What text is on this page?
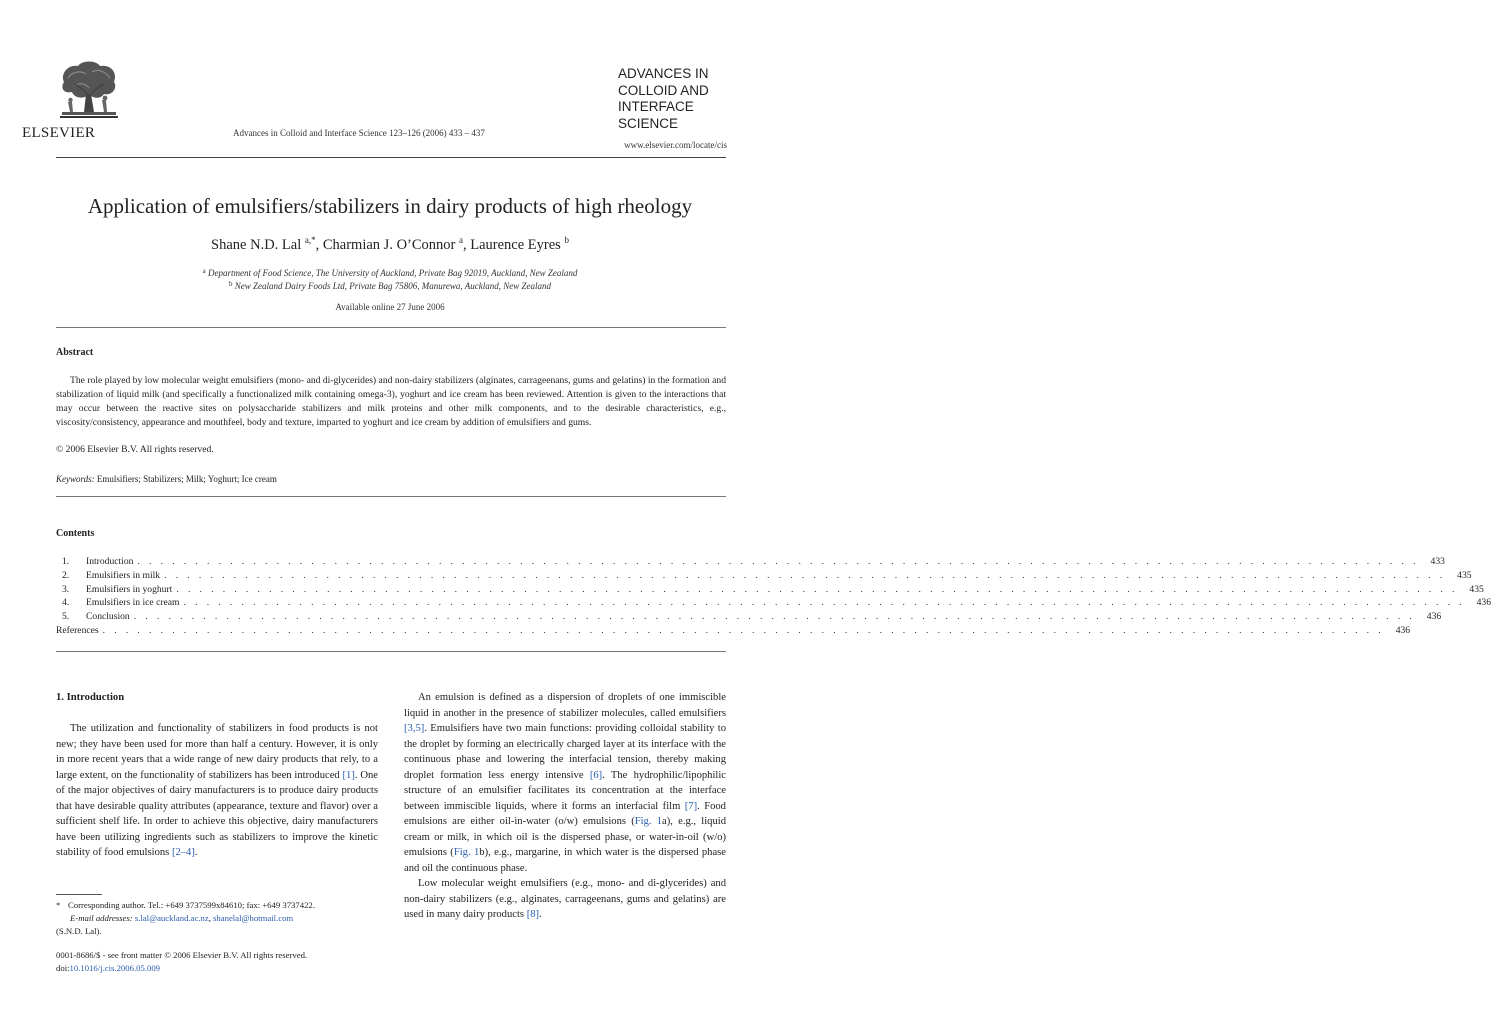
ELSEVIER	Advances in Colloid and Interface Science 123–126 (2006) 433 – 437
ADVANCES IN
COLLOID AND
INTERFACE
SCIENCE
www.elsevier.com/locate/cis
Application of emulsifiers/stabilizers in dairy products of high rheology
Shane N.D. Lal $^{a,*}$, Charmian J. O’Connor $^a$, Laurence Eyres $^b$
$^a$ Department of Food Science, The University of Auckland, Private Bag 92019, Auckland, New Zealand
$^b$ New Zealand Dairy Foods Ltd, Private Bag 75806, Manurewa, Auckland, New Zealand
Available online 27 June 2006
Abstract
The role played by low molecular weight emulsifiers (mono- and di-glycerides) and non-dairy stabilizers (alginates, carrageenans, gums and gelatins) in the formation and stabilization of liquid milk (and specifically a functionalized milk containing omega-3), yoghurt and ice cream has been reviewed. Attention is given to the interactions that may occur between the reactive sites on polysaccharide stabilizers and milk proteins and other milk components, and to the desirable characteristics, e.g., viscosity/consistency, appearance and mouthfeel, body and texture, imparted to yoghurt and ice cream by addition of emulsifiers and gums.
© 2006 Elsevier B.V. All rights reserved.
Keywords: Emulsifiers; Stabilizers; Milk; Yoghurt; Ice cream
Contents
1.	Introduction . . . . . . . . . . . . . . . . . . . . . . . . . . . . . . . . . . . . . . . . . . . . . . . . . . . . . . . . . . . . . . . . . . . . . . . . . . . . . . . . . . . . . . . . . . . . . . . . . . . . . . . . . . . . . . .	433
2.	Emulsifiers in milk . . . . . . . . . . . . . . . . . . . . . . . . . . . . . . . . . . . . . . . . . . . . . . . . . . . . . . . . . . . . . . . . . . . . . . . . . . . . . . . . . . . . . . . . . . . . . . . . . . . . . . . . . . . . . . .	435
3.	Emulsifiers in yoghurt . . . . . . . . . . . . . . . . . . . . . . . . . . . . . . . . . . . . . . . . . . . . . . . . . . . . . . . . . . . . . . . . . . . . . . . . . . . . . . . . . . . . . . . . . . . . . . . . . . . . . . . . . . . . . . .	435
4.	Emulsifiers in ice cream . . . . . . . . . . . . . . . . . . . . . . . . . . . . . . . . . . . . . . . . . . . . . . . . . . . . . . . . . . . . . . . . . . . . . . . . . . . . . . . . . . . . . . . . . . . . . . . . . . . . . . . . . . . . . . .	436
5.	Conclusion . . . . . . . . . . . . . . . . . . . . . . . . . . . . . . . . . . . . . . . . . . . . . . . . . . . . . . . . . . . . . . . . . . . . . . . . . . . . . . . . . . . . . . . . . . . . . . . . . . . . . . . . . . . . . . .	436
References . . . . . . . . . . . . . . . . . . . . . . . . . . . . . . . . . . . . . . . . . . . . . . . . . . . . . . . . . . . . . . . . . . . . . . . . . . . . . . . . . . . . . . . . . . . . . . . . . . . . . . . . . . . . . . .	436
1. Introduction
The utilization and functionality of stabilizers in food products is not new; they have been used for more than half a century. However, it is only in more recent years that a wide range of new dairy products that rely, to a large extent, on the functionality of stabilizers has been introduced [1]. One of the major objectives of dairy manufacturers is to produce dairy products that have desirable quality attributes (appearance, texture and flavor) over a sufficient shelf life. In order to achieve this objective, dairy manufacturers have been utilizing ingredients such as stabilizers to improve the kinetic stability of food emulsions [2–4].

An emulsion is defined as a dispersion of droplets of one immiscible liquid in another in the presence of stabilizer molecules, called emulsifiers [3,5]. Emulsifiers have two main functions: providing colloidal stability to the droplet by forming an electrically charged layer at its interface with the continuous phase and lowering the interfacial tension, thereby making droplet formation less energy intensive [6]. The hydrophilic/lipophilic structure of an emulsifier facilitates its concentration at the interface between immiscible liquids, where it forms an interfacial film [7]. Food emulsions are either oil-in-water (o/w) emulsions (Fig. 1a), e.g., liquid cream or milk, in which oil is the dispersed phase, or water-in-oil (w/o) emulsions (Fig. 1b), e.g., margarine, in which water is the dispersed phase and oil the continuous phase.

Low molecular weight emulsifiers (e.g., mono- and di-glycerides) and non-dairy stabilizers (e.g., alginates, carrageenans, gums and gelatins) are used in many dairy products [8].

* Corresponding author. Tel.: +649 3737599x84610; fax: +649 3737422.
E-mail addresses: s.lal@auckland.ac.nz, shanelal@hotmail.com
(S.N.D. Lal).
0001-8686/$ - see front matter © 2006 Elsevier B.V. All rights reserved.
doi:10.1016/j.cis.2006.05.009
